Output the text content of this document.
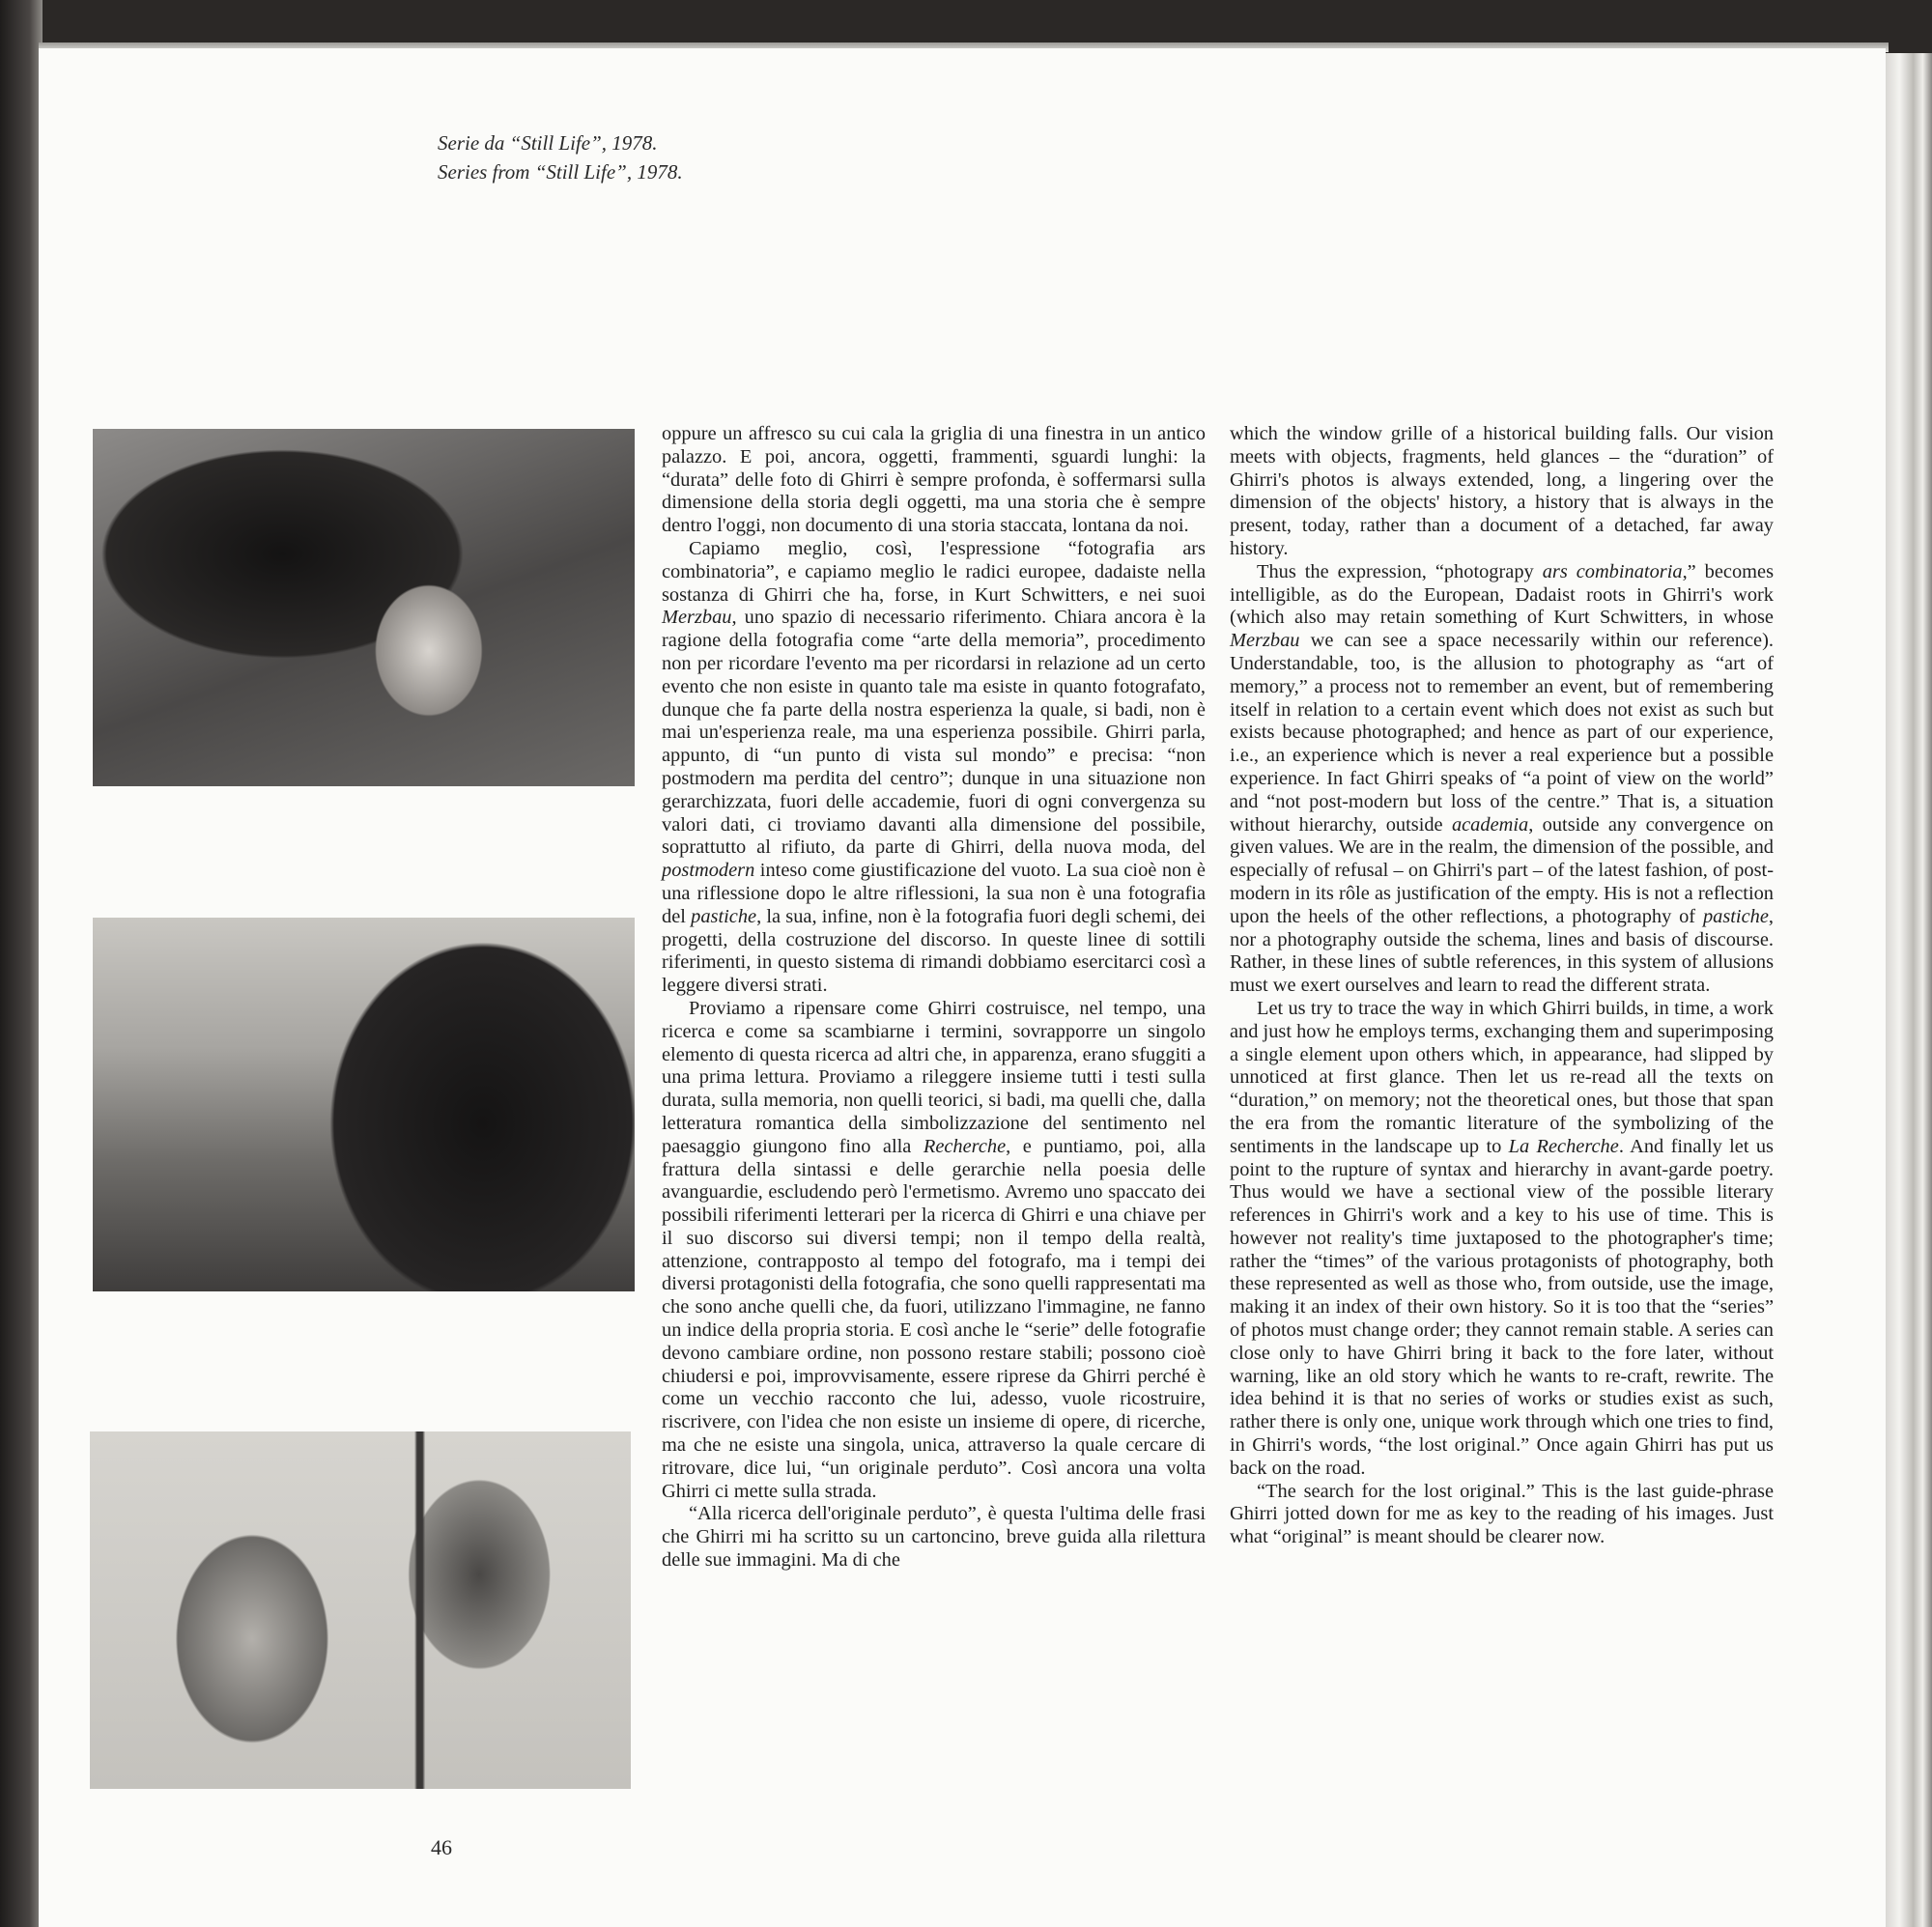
Serie da “Still Life”, 1978.
Series from “Still Life”, 1978.

oppure un affresco su cui cala la griglia di una finestra in un antico palazzo. E poi, ancora, oggetti, frammenti, sguardi lunghi: la “durata” delle foto di Ghirri è sempre profonda, è soffermarsi sulla dimensione della storia degli oggetti, ma una storia che è sempre dentro l'oggi, non documento di una storia staccata, lontana da noi.

Capiamo meglio, così, l'espressione “fotografia ars combinatoria”, e capiamo meglio le radici europee, dadaiste nella sostanza di Ghirri che ha, forse, in Kurt Schwitters, e nei suoi Merzbau, uno spazio di necessario riferimento. Chiara ancora è la ragione della fotografia come “arte della memoria”, procedimento non per ricordare l'evento ma per ricordarsi in relazione ad un certo evento che non esiste in quanto tale ma esiste in quanto fotografato, dunque che fa parte della nostra esperienza la quale, si badi, non è mai un'esperienza reale, ma una esperienza possibile. Ghirri parla, appunto, di “un punto di vista sul mondo” e precisa: “non postmodern ma perdita del centro”; dunque in una situazione non gerarchizzata, fuori delle accademie, fuori di ogni convergenza su valori dati, ci troviamo davanti alla dimensione del possibile, soprattutto al rifiuto, da parte di Ghirri, della nuova moda, del postmodern inteso come giustificazione del vuoto. La sua cioè non è una riflessione dopo le altre riflessioni, la sua non è una fotografia del pastiche, la sua, infine, non è la fotografia fuori degli schemi, dei progetti, della costruzione del discorso. In queste linee di sottili riferimenti, in questo sistema di rimandi dobbiamo esercitarci così a leggere diversi strati.

Proviamo a ripensare come Ghirri costruisce, nel tempo, una ricerca e come sa scambiarne i termini, sovrapporre un singolo elemento di questa ricerca ad altri che, in apparenza, erano sfuggiti a una prima lettura. Proviamo a rileggere insieme tutti i testi sulla durata, sulla memoria, non quelli teorici, si badi, ma quelli che, dalla letteratura romantica della simbolizzazione del sentimento nel paesaggio giungono fino alla Recherche, e puntiamo, poi, alla frattura della sintassi e delle gerarchie nella poesia delle avanguardie, escludendo però l'ermetismo. Avremo uno spaccato dei possibili riferimenti letterari per la ricerca di Ghirri e una chiave per il suo discorso sui diversi tempi; non il tempo della realtà, attenzione, contrapposto al tempo del fotografo, ma i tempi dei diversi protagonisti della fotografia, che sono quelli rappresentati ma che sono anche quelli che, da fuori, utilizzano l'immagine, ne fanno un indice della propria storia. E così anche le “serie” delle fotografie devono cambiare ordine, non possono restare stabili; possono cioè chiudersi e poi, improvvisamente, essere riprese da Ghirri perché è come un vecchio racconto che lui, adesso, vuole ricostruire, riscrivere, con l'idea che non esiste un insieme di opere, di ricerche, ma che ne esiste una singola, unica, attraverso la quale cercare di ritrovare, dice lui, “un originale perduto”. Così ancora una volta Ghirri ci mette sulla strada.

“Alla ricerca dell'originale perduto”, è questa l'ultima delle frasi che Ghirri mi ha scritto su un cartoncino, breve guida alla rilettura delle sue immagini. Ma di che

which the window grille of a historical building falls. Our vision meets with objects, fragments, held glances – the “duration” of Ghirri's photos is always extended, long, a lingering over the dimension of the objects' history, a history that is always in the present, today, rather than a document of a detached, far away history.

Thus the expression, “photograpy ars combinatoria,” becomes intelligible, as do the European, Dadaist roots in Ghirri's work (which also may retain something of Kurt Schwitters, in whose Merzbau we can see a space necessarily within our reference). Understandable, too, is the allusion to photography as “art of memory,” a process not to remember an event, but of remembering itself in relation to a certain event which does not exist as such but exists because photographed; and hence as part of our experience, i.e., an experience which is never a real experience but a possible experience. In fact Ghirri speaks of “a point of view on the world” and “not post-modern but loss of the centre.” That is, a situation without hierarchy, outside academia, outside any convergence on given values. We are in the realm, the dimension of the possible, and especially of refusal – on Ghirri's part – of the latest fashion, of post-modern in its rôle as justification of the empty. His is not a reflection upon the heels of the other reflections, a photography of pastiche, nor a photography outside the schema, lines and basis of discourse. Rather, in these lines of subtle references, in this system of allusions must we exert ourselves and learn to read the different strata.

Let us try to trace the way in which Ghirri builds, in time, a work and just how he employs terms, exchanging them and superimposing a single element upon others which, in appearance, had slipped by unnoticed at first glance. Then let us re-read all the texts on “duration,” on memory; not the theoretical ones, but those that span the era from the romantic literature of the symbolizing of the sentiments in the landscape up to La Recherche. And finally let us point to the rupture of syntax and hierarchy in avant-garde poetry. Thus would we have a sectional view of the possible literary references in Ghirri's work and a key to his use of time. This is however not reality's time juxtaposed to the photographer's time; rather the “times” of the various protagonists of photography, both these represented as well as those who, from outside, use the image, making it an index of their own history. So it is too that the “series” of photos must change order; they cannot remain stable. A series can close only to have Ghirri bring it back to the fore later, without warning, like an old story which he wants to re-craft, rewrite. The idea behind it is that no series of works or studies exist as such, rather there is only one, unique work through which one tries to find, in Ghirri's words, “the lost original.” Once again Ghirri has put us back on the road.

“The search for the lost original.” This is the last guide-phrase Ghirri jotted down for me as key to the reading of his images. Just what “original” is meant should be clearer now.

46
